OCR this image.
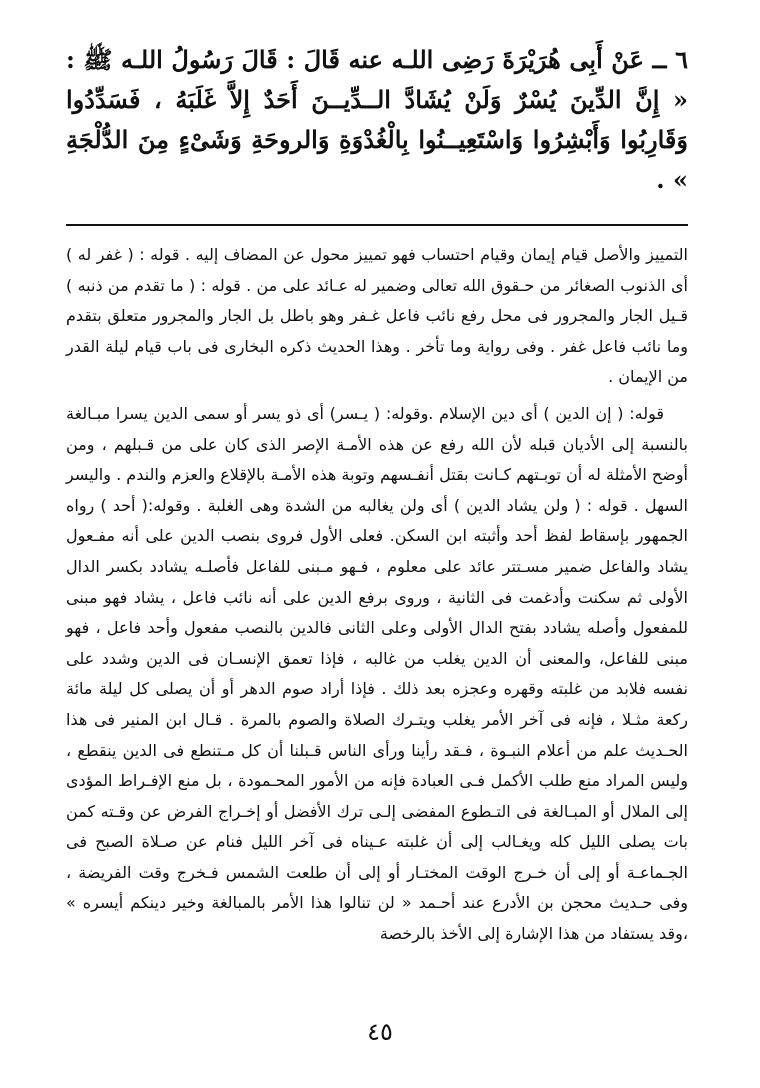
٦ ــ عَنْ أَبِى هُرَيْرَةَ رَضِى اللـه عنه قَالَ : قَالَ رَسُولُ اللـه ﷺ : « إِنَّ الدِّينَ يُسْرٌ وَلَنْ يُشَادَّ الــدِّيــنَ أَحَدٌ إِلاَّ غَلَبَهُ ، فَسَدِّدُوا وَقَارِبُوا وَأَبْشِرُوا وَاسْتَعِيــنُوا بِالْغُدْوَةِ وَالروحَةِ وَشَىْءٍ مِنَ الدُّلْجَةِ » .

التمييز والأصل قيام إيمان وقيام احتساب فهو تمييز محول عن المضاف إليه . قوله : ( غفر له ) أى الذنوب الصغائر من حـقوق الله تعالى وضمير له عـائد على من . قوله : ( ما تقدم من ذنبه ) قـيل الجار والمجرور فى محل رفع نائب فاعل غـفر وهو باطل بل الجار والمجرور متعلق بتقدم وما نائب فاعل غفر . وفى رواية وما تأخر . وهذا الحديث ذكره البخارى فى باب قيام ليلة القدر من الإيمان .

قوله: ( إن الدين ) أى دين الإسلام .وقوله: ( يـسر) أى ذو يسر أو سمى الدين يسرا مبـالغة بالنسبة إلى الأديان قبله لأن الله رفع عن هذه الأمـة الإصر الذى كان على من قـبلهم ، ومن أوضح الأمثلة له أن توبـتهم كـانت بقتل أنفـسهم وتوبة هذه الأمـة بالإقلاع والعزم والندم . واليسر السهل . قوله : ( ولن يشاد الدين ) أى ولن يغالبه من الشدة وهى الغلبة . وقوله:( أحد ) رواه الجمهور بإسقاط لفظ أحد وأثبته ابن السكن. فعلى الأول فروى بنصب الدين على أنه مفـعول يشاد والفاعل ضمير مسـتتر عائد على معلوم ، فـهو مـبنى للفاعل فأصلـه يشادد بكسر الدال الأولى ثم سكنت وأدغمت فى الثانية ، وروى برفع الدين على أنه نائب فاعل ، يشاد فهو مبنى للمفعول وأصله يشادد بفتح الدال الأولى وعلى الثانى فالدين بالنصب مفعول وأحد فاعل ، فهو مبنى للفاعل، والمعنى أن الدين يغلب من غالبه ، فإذا تعمق الإنسـان فى الدين وشدد على نفسه فلابد من غلبته وقهره وعجزه بعد ذلك . فإذا أراد صوم الدهر أو أن يصلى كل ليلة مائة ركعة مثـلا ، فإنه فى آخر الأمر يغلب ويتـرك الصلاة والصوم بالمرة . قـال ابن المنير فى هذا الحـديث علم من أعلام النبـوة ، فـقد رأينا ورأى الناس قـبلنا أن كل مـتنطع فى الدين ينقطع ، وليس المراد منع طلب الأكمل فـى العبادة فإنه من الأمور المحـمودة ، بل منع الإفـراط المؤدى إلى الملال أو المبـالغة فى التـطوع المفضى إلـى ترك الأفضل أو إخـراج الفرض عن وقـته كمن بات يصلى الليل كله ويغـالب إلى أن غلبته عـيناه فى آخر الليل فنام عن صـلاة الصبح فى الجـماعـة أو إلى أن خـرج الوقت المختـار أو إلى أن طلعت الشمس فـخرج وقت الفريضة ، وفى حـديث محجن بن الأدرع عند أحـمد « لن تنالوا هذا الأمر بالمبالغة وخير دينكم أيسره » ،وقد يستفاد من هذا الإشارة إلى الأخذ بالرخصة

٤٥
